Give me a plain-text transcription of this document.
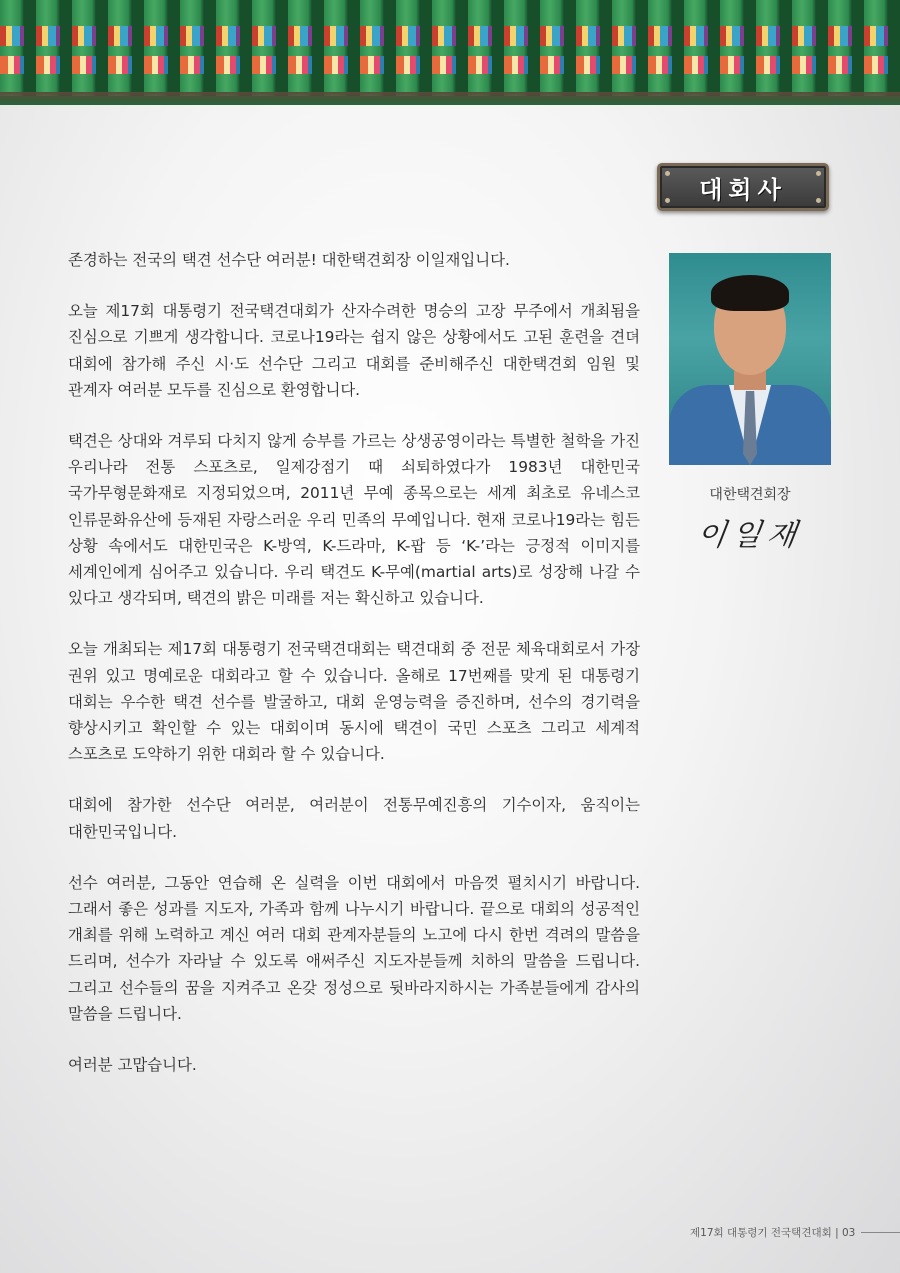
대회사

존경하는 전국의 택견 선수단 여러분! 대한택견회장 이일재입니다.

오늘 제17회 대통령기 전국택견대회가 산자수려한 명승의 고장 무주에서 개최됨을 진심으로 기쁘게 생각합니다. 코로나19라는 쉽지 않은 상황에서도 고된 훈련을 견뎌 대회에 참가해 주신 시·도 선수단 그리고 대회를 준비해주신 대한택견회 임원 및 관계자 여러분 모두를 진심으로 환영합니다.

택견은 상대와 겨루되 다치지 않게 승부를 가르는 상생공영이라는 특별한 철학을 가진 우리나라 전통 스포츠로, 일제강점기 때 쇠퇴하였다가 1983년 대한민국 국가무형문화재로 지정되었으며, 2011년 무예 종목으로는 세계 최초로 유네스코 인류문화유산에 등재된 자랑스러운 우리 민족의 무예입니다. 현재 코로나19라는 힘든 상황 속에서도 대한민국은 K-방역, K-드라마, K-팝 등 ‘K-’라는 긍정적 이미지를 세계인에게 심어주고 있습니다. 우리 택견도 K-무예(martial arts)로 성장해 나갈 수 있다고 생각되며, 택견의 밝은 미래를 저는 확신하고 있습니다.

오늘 개최되는 제17회 대통령기 전국택견대회는 택견대회 중 전문 체육대회로서 가장 권위 있고 명예로운 대회라고 할 수 있습니다. 올해로 17번째를 맞게 된 대통령기 대회는 우수한 택견 선수를 발굴하고, 대회 운영능력을 증진하며, 선수의 경기력을 향상시키고 확인할 수 있는 대회이며 동시에 택견이 국민 스포츠 그리고 세계적 스포츠로 도약하기 위한 대회라 할 수 있습니다.

대회에 참가한 선수단 여러분, 여러분이 전통무예진흥의 기수이자, 움직이는 대한민국입니다.

선수 여러분, 그동안 연습해 온 실력을 이번 대회에서 마음껏 펼치시기 바랍니다. 그래서 좋은 성과를 지도자, 가족과 함께 나누시기 바랍니다. 끝으로 대회의 성공적인 개최를 위해 노력하고 계신 여러 대회 관계자분들의 노고에 다시 한번 격려의 말씀을 드리며, 선수가 자라날 수 있도록 애써주신 지도자분들께 치하의 말씀을 드립니다. 그리고 선수들의 꿈을 지켜주고 온갖 정성으로 뒷바라지하시는 가족분들에게 감사의 말씀을 드립니다.

여러분 고맙습니다.

대한택견회장
이일재
제17회 대통령기 전국택견대회 | 03
